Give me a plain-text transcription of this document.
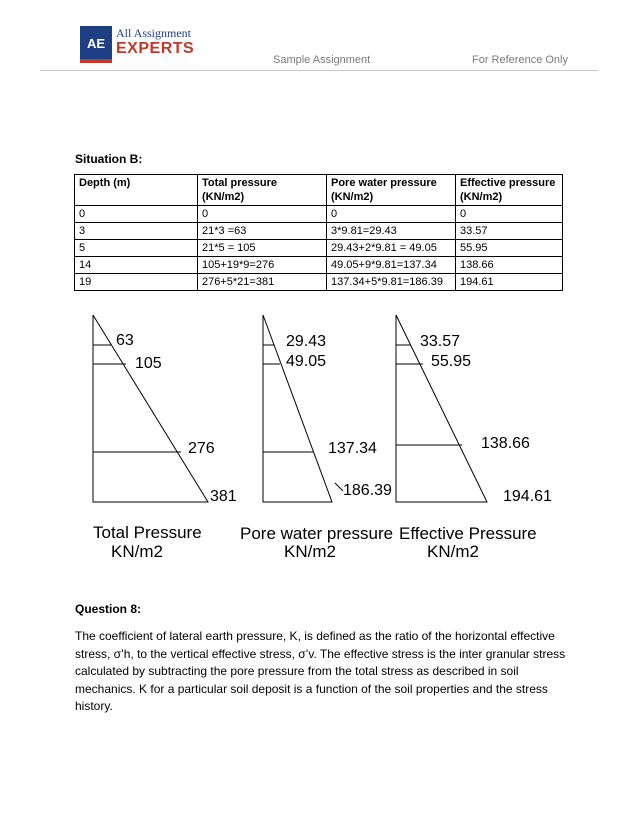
AE
All Assignment
EXPERTS
Sample Assignment	For Reference Only
Situation B:
Depth (m)	Total pressure (KN/m2)	Pore water pressure (KN/m2)	Effective pressure (KN/m2)
0	0	0	0
3	21*3 =63	3*9.81=29.43	33.57
5	21*5 = 105	29.43+2*9.81 = 49.05	55.95
14	105+19*9=276	49.05+9*9.81=137.34	138.66
19	276+5*21=381	137.34+5*9.81=186.39	194.61
63
105
276
381
Total Pressure
KN/m2
29.43
49.05
137.34
186.39
Pore water pressure
KN/m2
33.57
55.95
138.66
194.61
Effective Pressure
KN/m2
Question 8:
The coefficient of lateral earth pressure, K, is defined as the ratio of the horizontal effective stress, σ’h, to the vertical effective stress, σ’v. The effective stress is the inter granular stress calculated by subtracting the pore pressure from the total stress as described in soil mechanics. K for a particular soil deposit is a function of the soil properties and the stress history.
